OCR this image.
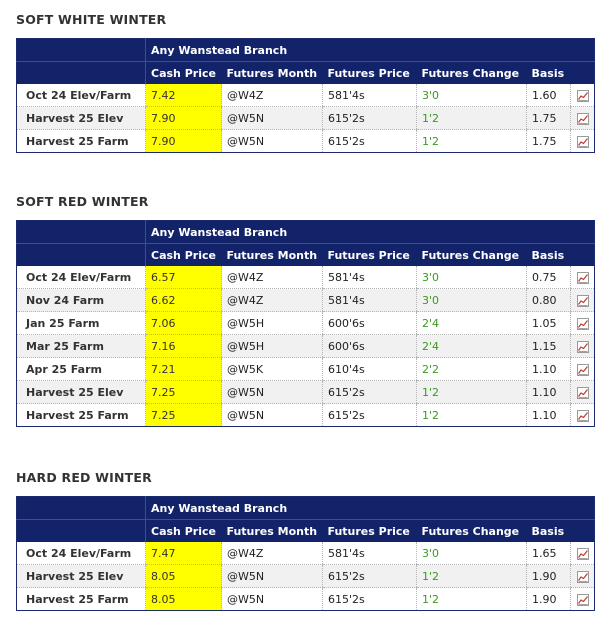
SOFT WHITE WINTER
	Any Wanstead Branch					
	Cash Price	Futures Month	Futures Price	Futures Change	Basis	
Oct 24 Elev/Farm	7.42	@W4Z	581'4s	3'0	1.60	
Harvest 25 Elev	7.90	@W5N	615'2s	1'2	1.75	
Harvest 25 Farm	7.90	@W5N	615'2s	1'2	1.75	
SOFT RED WINTER
	Any Wanstead Branch					
	Cash Price	Futures Month	Futures Price	Futures Change	Basis	
Oct 24 Elev/Farm	6.57	@W4Z	581'4s	3'0	0.75	
Nov 24 Farm	6.62	@W4Z	581'4s	3'0	0.80	
Jan 25 Farm	7.06	@W5H	600'6s	2'4	1.05	
Mar 25 Farm	7.16	@W5H	600'6s	2'4	1.15	
Apr 25 Farm	7.21	@W5K	610'4s	2'2	1.10	
Harvest 25 Elev	7.25	@W5N	615'2s	1'2	1.10	
Harvest 25 Farm	7.25	@W5N	615'2s	1'2	1.10	
HARD RED WINTER
	Any Wanstead Branch					
	Cash Price	Futures Month	Futures Price	Futures Change	Basis	
Oct 24 Elev/Farm	7.47	@W4Z	581'4s	3'0	1.65	
Harvest 25 Elev	8.05	@W5N	615'2s	1'2	1.90	
Harvest 25 Farm	8.05	@W5N	615'2s	1'2	1.90	
